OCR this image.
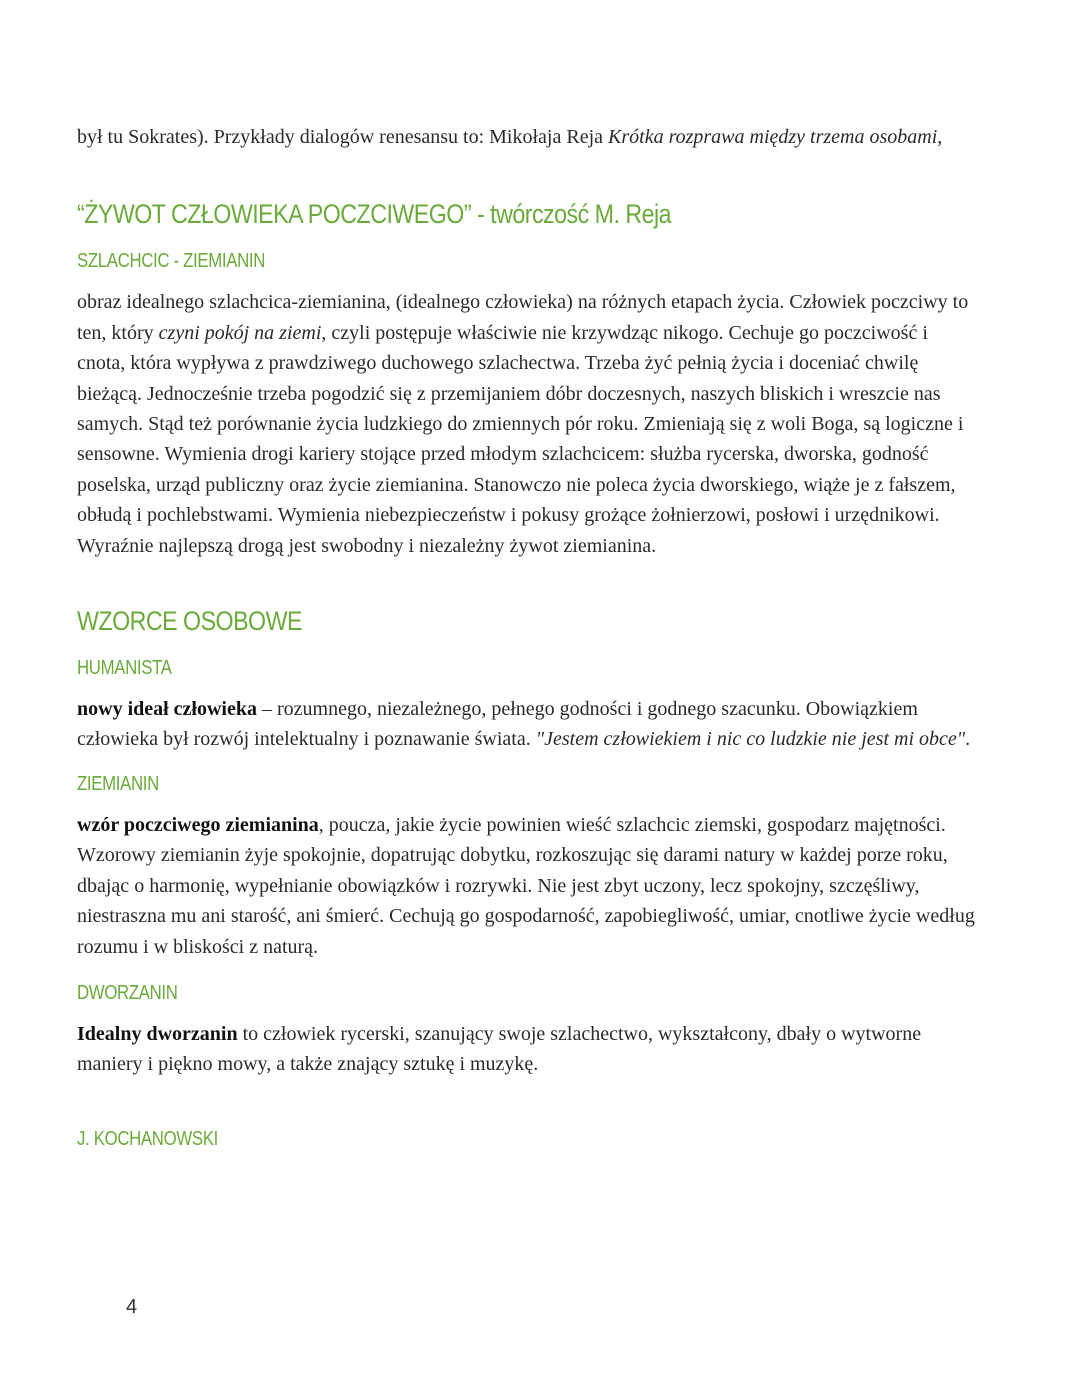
był tu Sokrates). Przykłady dialogów renesansu to: Mikołaja Reja Krótka rozprawa między trzema osobami,

“ŻYWOT CZŁOWIEKA POCZCIWEGO” - twórczość M. Reja
SZLACHCIC - ZIEMIANIN

obraz idealnego szlachcica-ziemianina, (idealnego człowieka) na różnych etapach życia. Człowiek poczciwy to ten, który czyni pokój na ziemi, czyli postępuje właściwie nie krzywdząc nikogo. Cechuje go poczciwość i cnota, która wypływa z prawdziwego duchowego szlachectwa. Trzeba żyć pełnią życia i doceniać chwilę bieżącą. Jednocześnie trzeba pogodzić się z przemijaniem dóbr doczesnych, naszych bliskich i wreszcie nas samych. Stąd też porównanie życia ludzkiego do zmiennych pór roku. Zmieniają się z woli Boga, są logiczne i sensowne. Wymienia drogi kariery stojące przed młodym szlachcicem: służba rycerska, dworska, godność poselska, urząd publiczny oraz życie ziemianina. Stanowczo nie poleca życia dworskiego, wiąże je z fałszem, obłudą i pochlebstwami. Wymienia niebezpieczeństw i pokusy grożące żołnierzowi, posłowi i urzędnikowi. Wyraźnie najlepszą drogą jest swobodny i niezależny żywot ziemianina.

WZORCE OSOBOWE
HUMANISTA

nowy ideał człowieka – rozumnego, niezależnego, pełnego godności i godnego szacunku. Obowiązkiem człowieka był rozwój intelektualny i poznawanie świata. "Jestem człowiekiem i nic co ludzkie nie jest mi obce".

ZIEMIANIN

wzór poczciwego ziemianina, poucza, jakie życie powinien wieść szlachcic ziemski, gospodarz majętności. Wzorowy ziemianin żyje spokojnie, dopatrując dobytku, rozkoszując się darami natury w każdej porze roku, dbając o harmonię, wypełnianie obowiązków i rozrywki. Nie jest zbyt uczony, lecz spokojny, szczęśliwy, niestraszna mu ani starość, ani śmierć. Cechują go gospodarność, zapobiegliwość, umiar, cnotliwe życie według rozumu i w bliskości z naturą.

DWORZANIN

Idealny dworzanin to człowiek rycerski, szanujący swoje szlachectwo, wykształcony, dbały o wytworne maniery i piękno mowy, a także znający sztukę i muzykę.

J. KOCHANOWSKI
4
